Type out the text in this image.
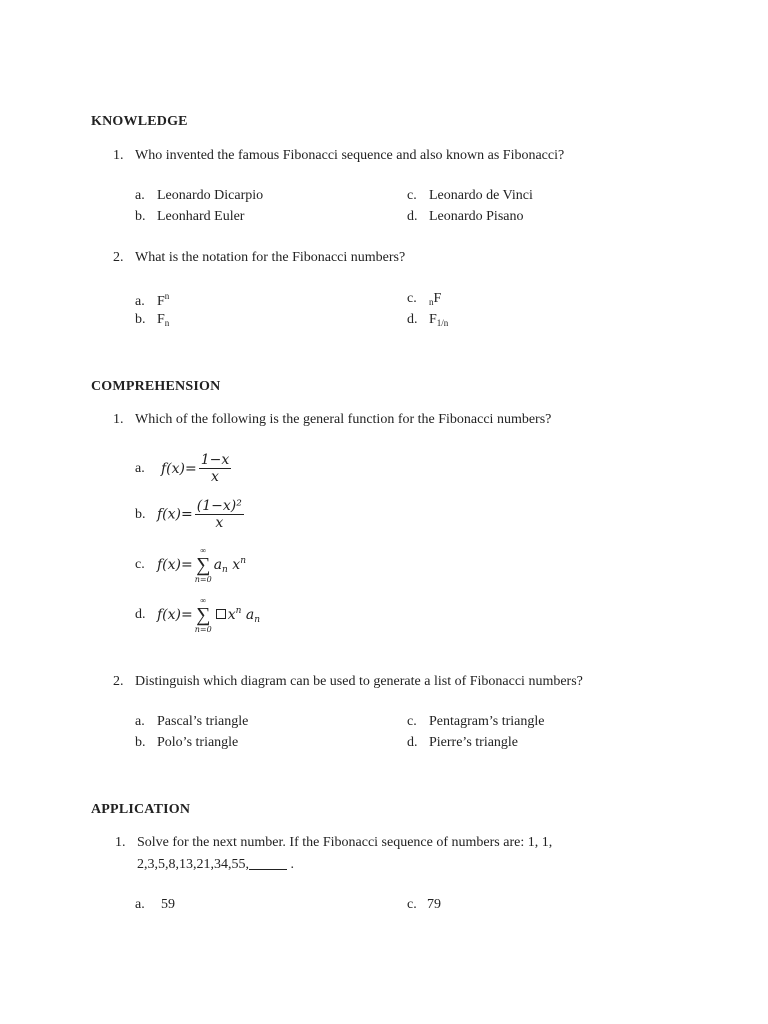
KNOWLEDGE
1. Who invented the famous Fibonacci sequence and also known as Fibonacci?
a. Leonardo Dicarpio
b. Leonhard Euler
c. Leonardo de Vinci
d. Leonardo Pisano
2. What is the notation for the Fibonacci numbers?
a. $F^n$
b. $F_n$
c. $_n$F
d. $F_{1/n}$
COMPREHENSION
1. Which of the following is the general function for the Fibonacci numbers?
a. $f(x)= \frac{1-x}{x}$
b. $f(x)= \frac{\text{(1−x)²}}{x}$
c. f(x)=
∞
∑
n=0
$a_n$ $x^n$
d. f(x)=
∞
∑
n=0
$x^n$ $a_n$
2. Distinguish which diagram can be used to generate a list of Fibonacci numbers?
a. Pascal’s triangle
b. Polo’s triangle
c. Pentagram’s triangle
d. Pierre’s triangle
APPLICATION
1. Solve for the next number. If the Fibonacci sequence of numbers are: 1, 1,
2,3,5,8,13,21,34,55,	.
a. 59	c. 79
